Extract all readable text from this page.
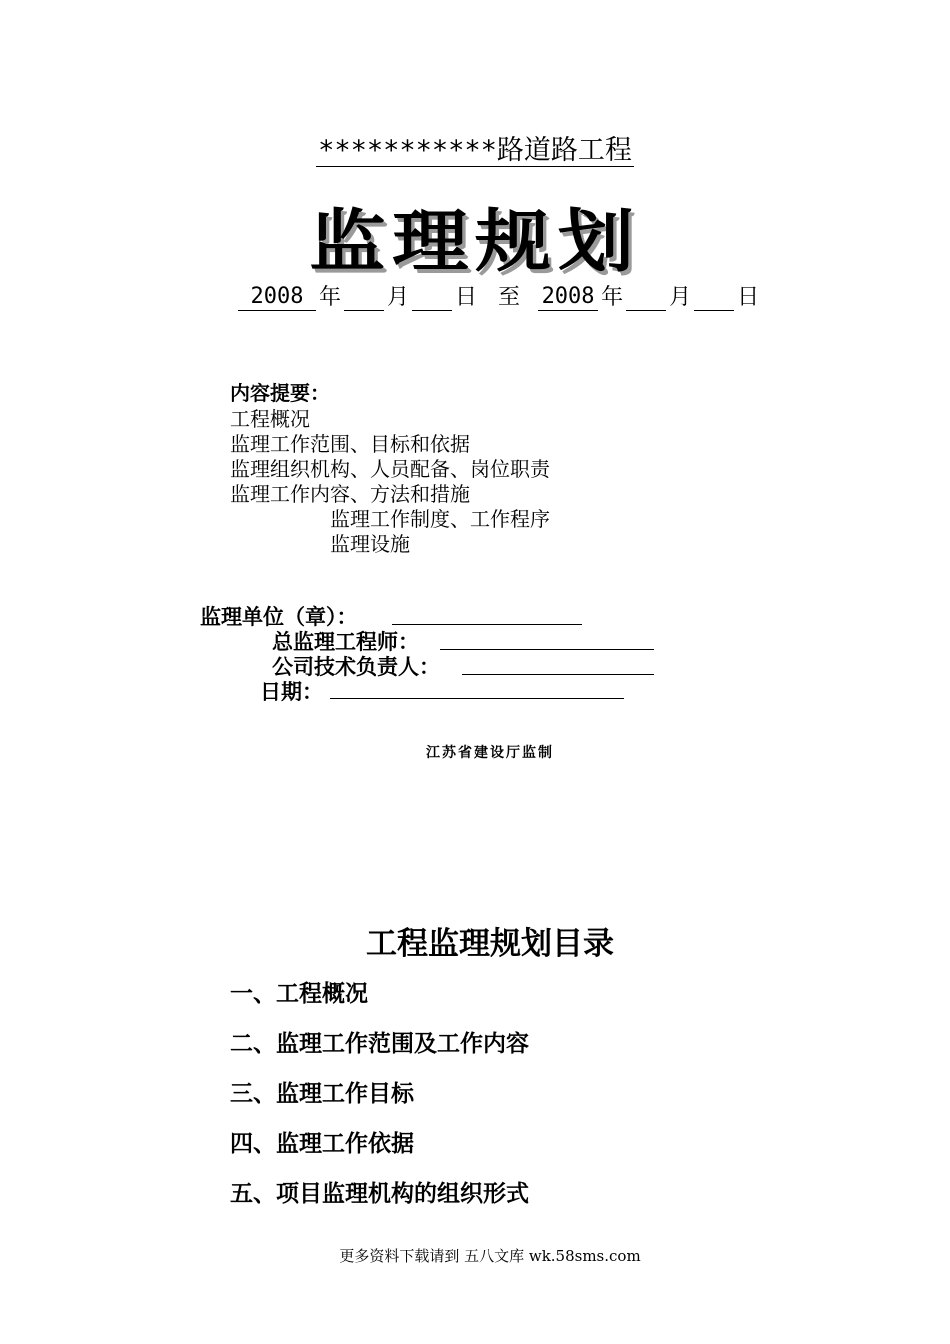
***********路道路工程
监理规划
2008 年 月 日 至 2008 年 月 日
内容提要：
工程概况
监理工作范围、目标和依据
监理组织机构、人员配备、岗位职责
监理工作内容、方法和措施
监理工作制度、工作程序
监理设施
监理单位（章）：
总监理工程师：
公司技术负责人：
日期：
江苏省建设厅监制
工程监理规划目录
一、工程概况
二、监理工作范围及工作内容
三、监理工作目标
四、监理工作依据
五、项目监理机构的组织形式
更多资料下载请到 五八文库 wk.58sms.com
